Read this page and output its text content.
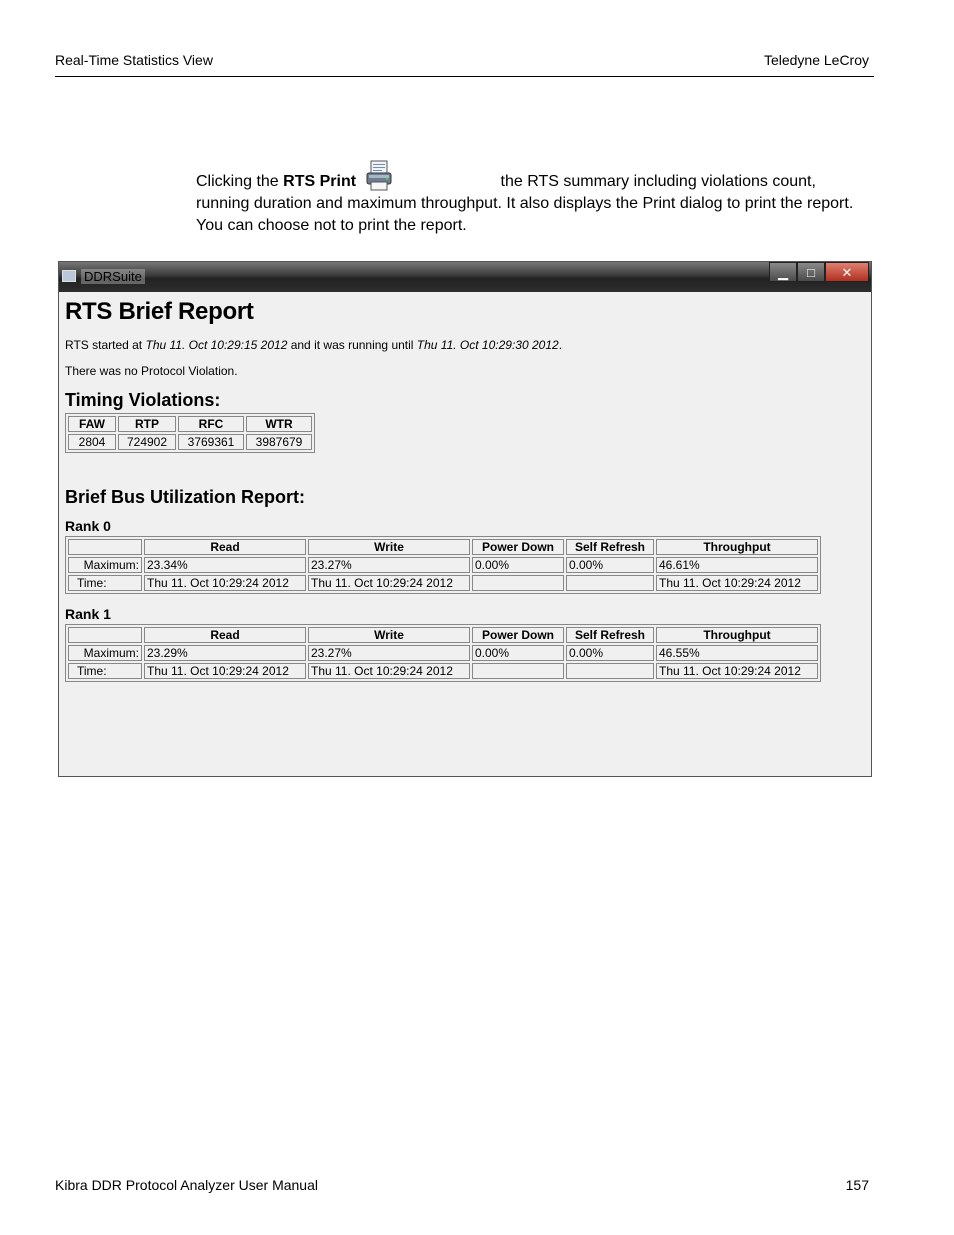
Real-Time Statistics View	Teledyne LeCroy
Clicking the RTS Print	the RTS summary including violations count, running duration and maximum throughput. It also displays the Print dialog to print the report. You can choose not to print the report.
DDRSuite	▁ □ ✕
RTS Brief Report
RTS started at Thu 11. Oct 10:29:15 2012 and it was running until Thu 11. Oct 10:29:30 2012.
There was no Protocol Violation.
Timing Violations:
FAW	RTP	RFC	WTR
2804	724902	3769361	3987679
Brief Bus Utilization Report:
Rank 0
	Read	Write	Power Down	Self Refresh	Throughput
Maximum:	23.34%	23.27%	0.00%	0.00%	46.61%
Time:	Thu 11. Oct 10:29:24 2012	Thu 11. Oct 10:29:24 2012			Thu 11. Oct 10:29:24 2012
Rank 1
	Read	Write	Power Down	Self Refresh	Throughput
Maximum:	23.29%	23.27%	0.00%	0.00%	46.55%
Time:	Thu 11. Oct 10:29:24 2012	Thu 11. Oct 10:29:24 2012			Thu 11. Oct 10:29:24 2012
Kibra DDR Protocol Analyzer User Manual	157
